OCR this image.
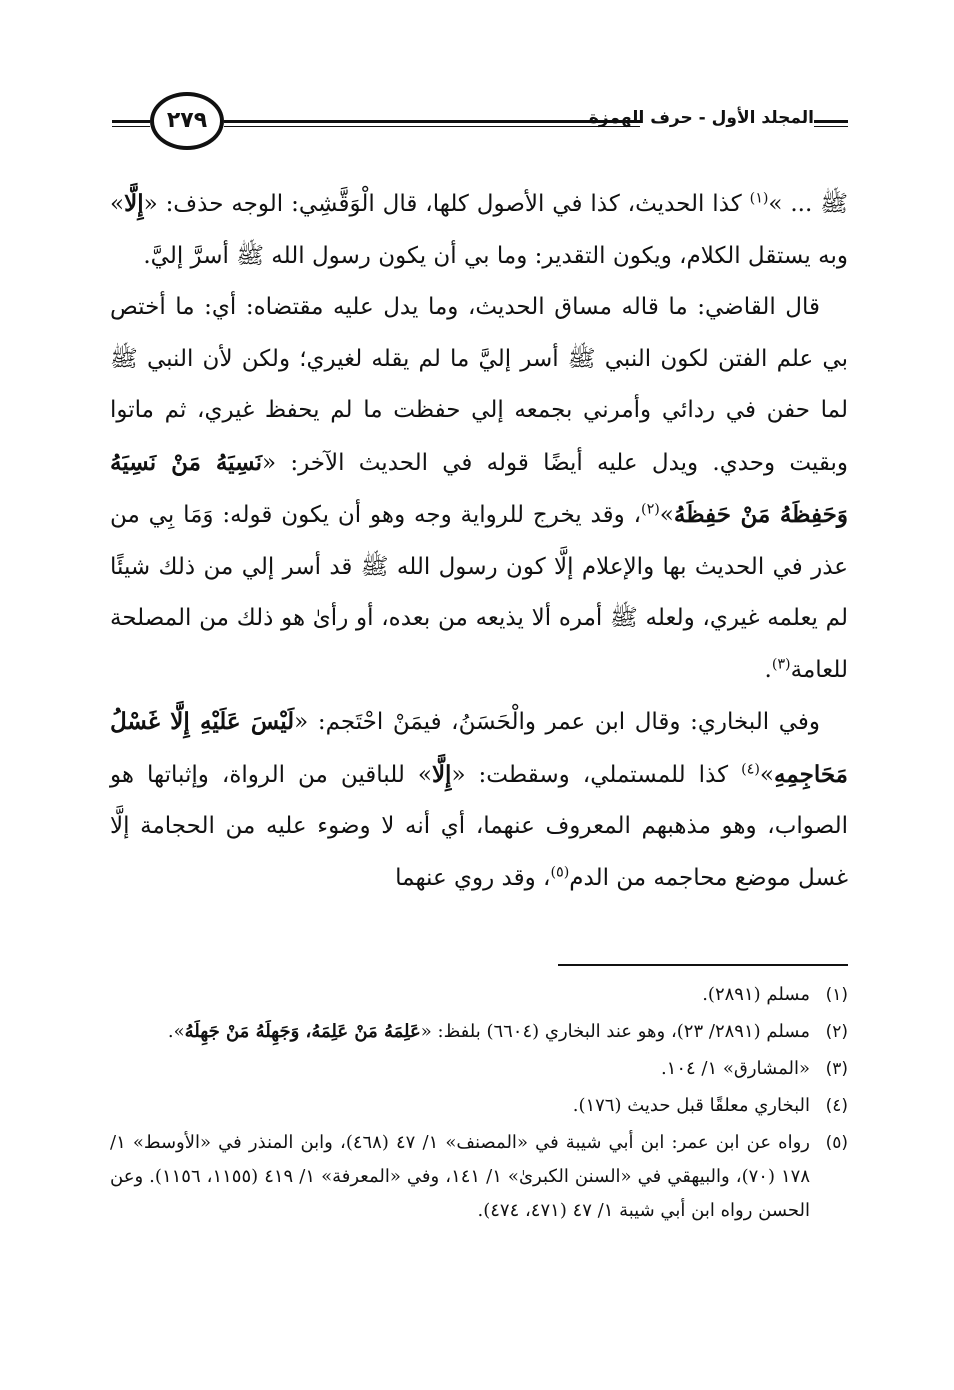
٢٧٩	المجلد الأول - حرف الهمزة

ﷺ ... »$^{(١)}$ كذا الحديث، كذا في الأصول كلها، قال الْوَقَّشِي: الوجه حذف: «إِلَّا» وبه يستقل الكلام، ويكون التقدير: وما بي أن يكون رسول الله ﷺ أسرَّ إليَّ.

قال القاضي: ما قاله مساق الحديث، وما يدل عليه مقتضاه: أي: ما أختص بي علم الفتن لكون النبي ﷺ أسر إليَّ ما لم يقله لغيري؛ ولكن لأن النبي ﷺ لما حفن في ردائي وأمرني بجمعه إلي حفظت ما لم يحفظ غيري، ثم ماتوا وبقيت وحدي. ويدل عليه أيضًا قوله في الحديث الآخر: «نَسِيَهُ مَنْ نَسِيَهُ وَحَفِظَهُ مَنْ حَفِظَهُ»$^{(٢)}$، وقد يخرج للرواية وجه وهو أن يكون قوله: وَمَا بِي من عذر في الحديث بها والإعلام إلَّا كون رسول الله ﷺ قد أسر إلي من ذلك شيئًا لم يعلمه غيري، ولعله ﷺ أمره ألا يذيعه من بعده، أو رأىٰ هو ذلك من المصلحة للعامة$^{(٣)}$.

وفي البخاري: وقال ابن عمر والْحَسَنُ، فيمَنْ احْتَجم: «لَيْسَ عَلَيْهِ إِلَّا غَسْلُ مَحَاجِمِهِ»$^{(٤)}$ كذا للمستملي، وسقطت: «إِلَّا» للباقين من الرواة، وإثباتها هو الصواب، وهو مذهبهم المعروف عنهما، أي أنه لا وضوء عليه من الحجامة إلَّا غسل موضع محاجمه من الدم$^{(٥)}$، وقد روي عنهما

(١)
مسلم (٢٨٩١).
(٢)
مسلم (٢٨٩١/ ٢٣)، وهو عند البخاري (٦٦٠٤) بلفظ: «عَلِمَهُ مَنْ عَلِمَهُ، وَجَهِلَهُ مَنْ جَهِلَهُ».
(٣)
«المشارق» ١/ ١٠٤.
(٤)
البخاري معلقًا قبل حديث (١٧٦).
(٥)
رواه عن ابن عمر: ابن أبي شيبة في «المصنف» ١/ ٤٧ (٤٦٨)، وابن المنذر في «الأوسط» ١/ ١٧٨ (٧٠)، والبيهقي في «السنن الكبرىٰ» ١/ ١٤١، وفي «المعرفة» ١/ ٤١٩ (١١٥٥، ١١٥٦). وعن الحسن رواه ابن أبي شيبة ١/ ٤٧ (٤٧١، ٤٧٤).
